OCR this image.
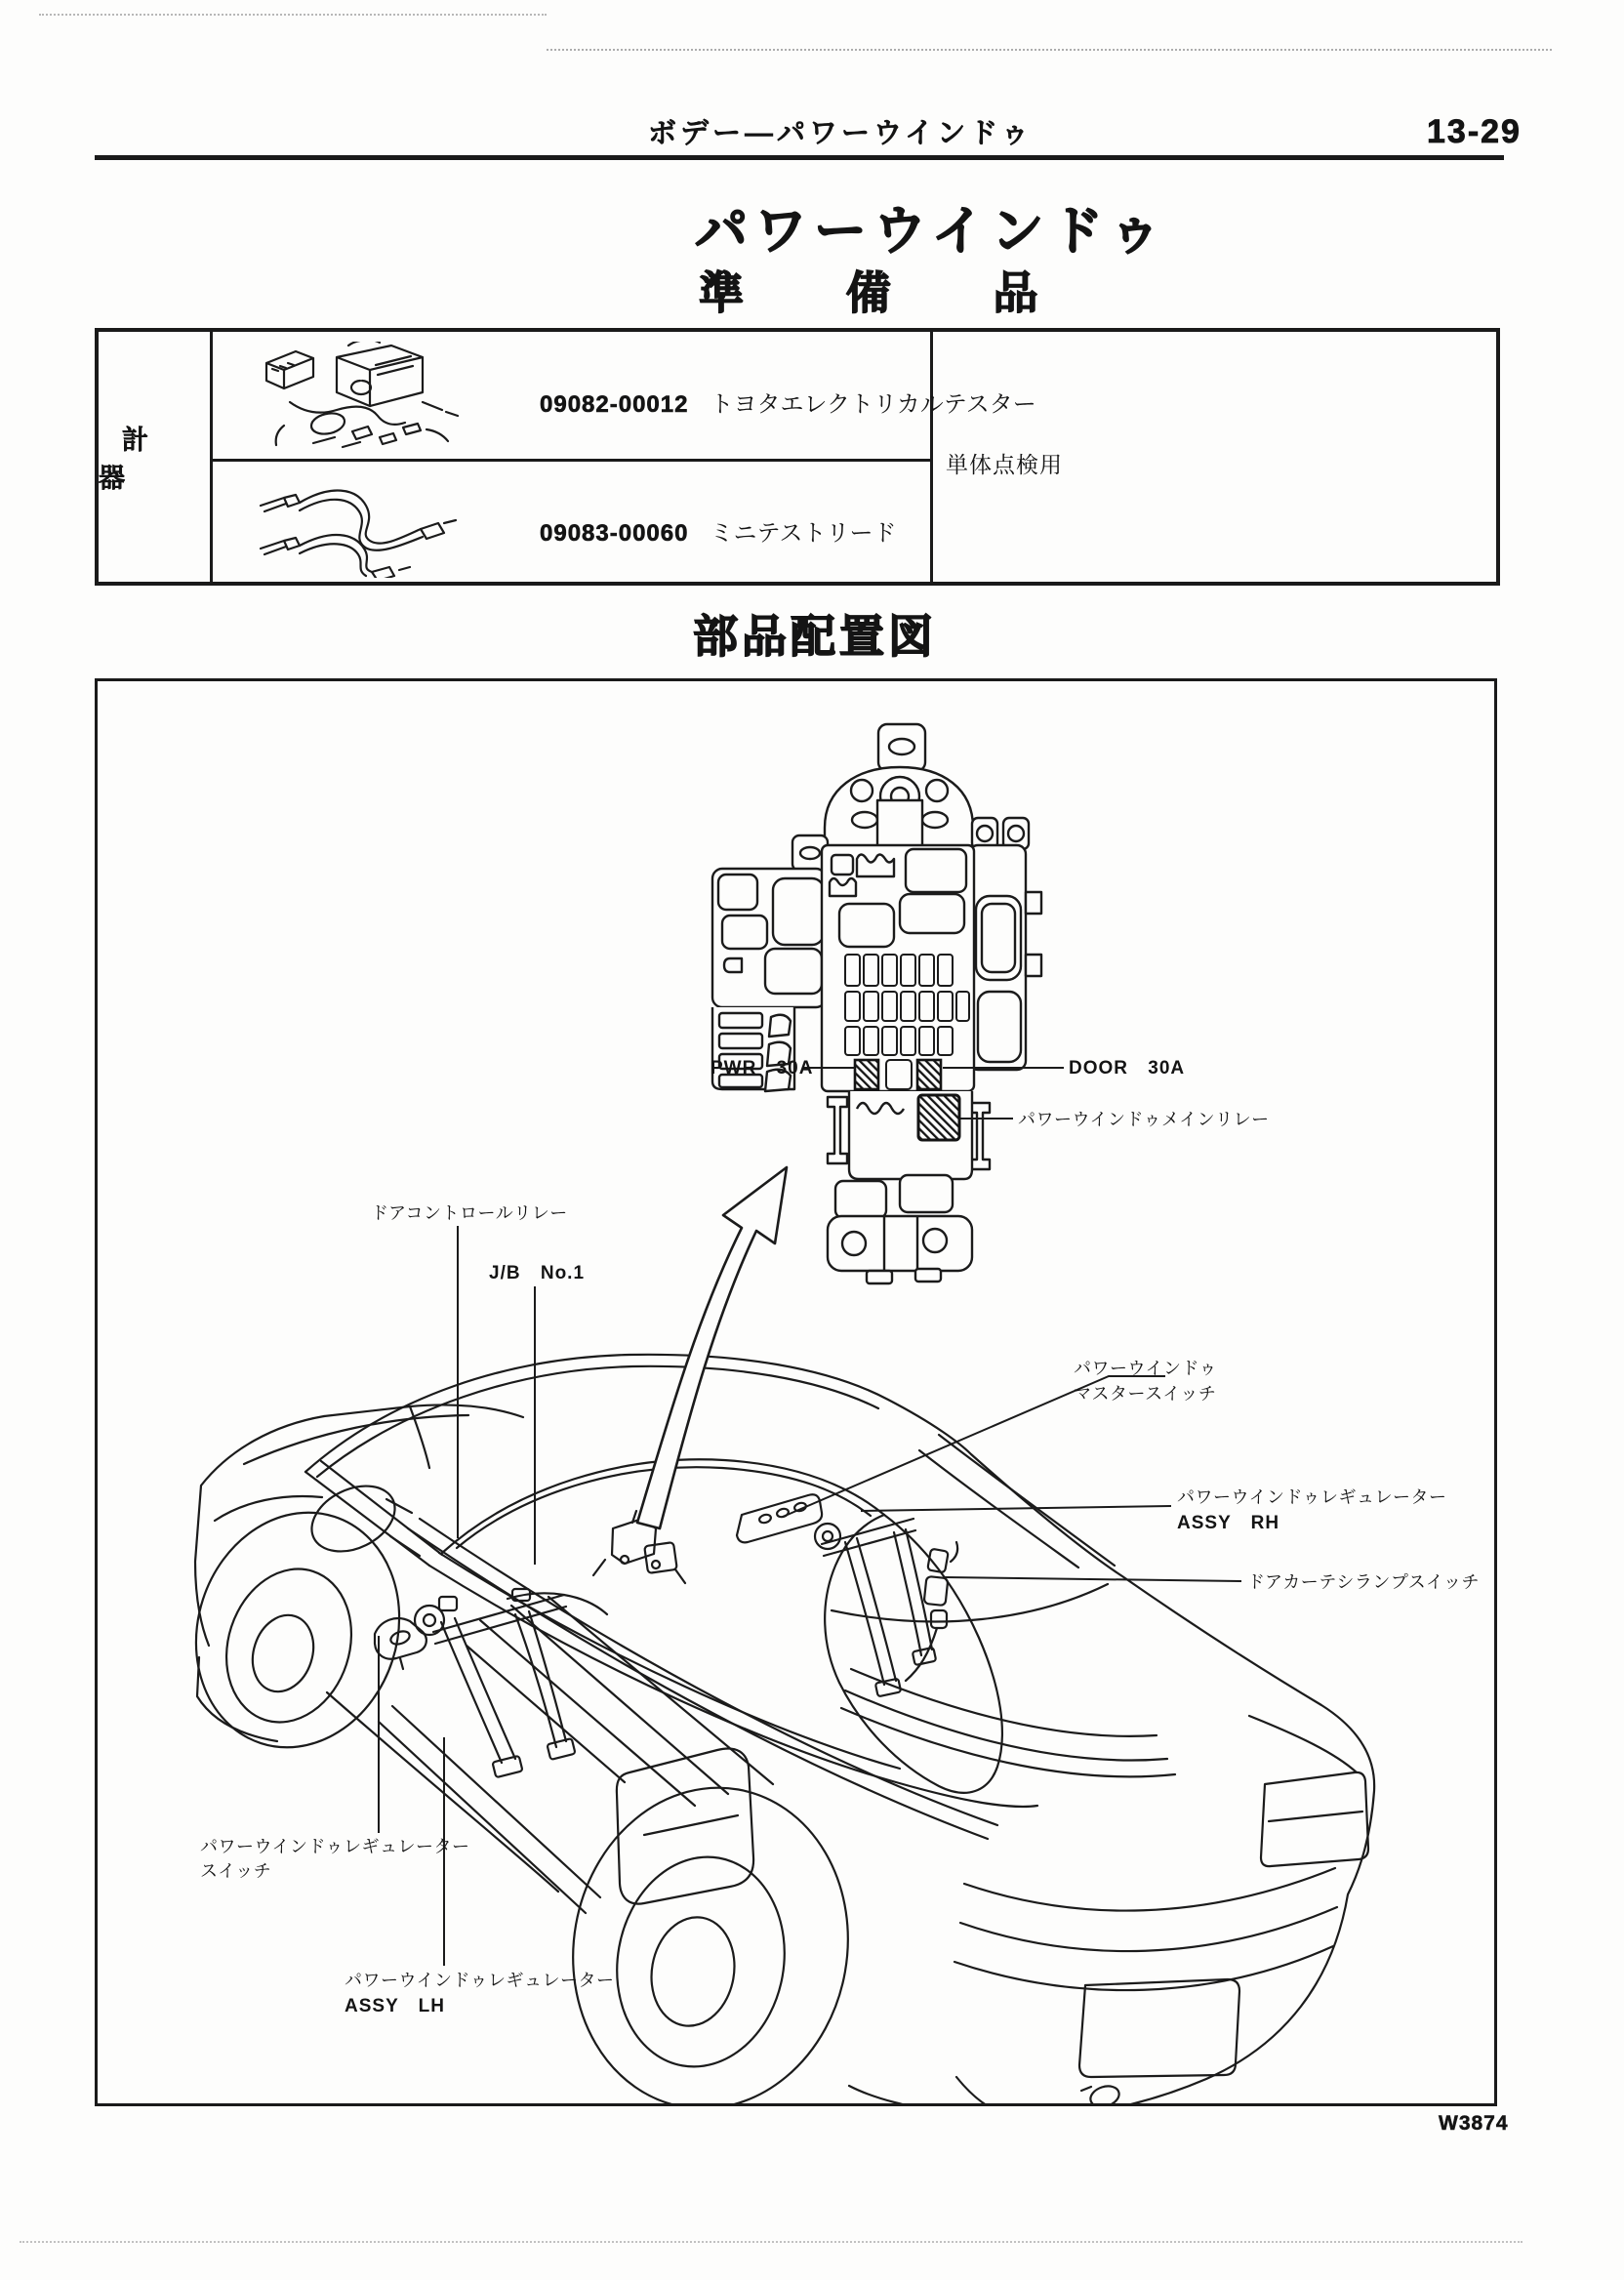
ボデー―パワーウインドゥ	13-29
パワーウインドゥ
準 備 品
計 器
09082-00012 トヨタエレクトリカルテスター
09083-00060 ミニテストリード
単体点検用
部品配置図
PWR 30A	DOOR 30A
パワーウインドゥメインリレー
ドアコントロールリレー
J/B No.1
パワーウインドゥ
マスタースイッチ
パワーウインドゥレギュレーター
ASSY RH
ドアカーテシランプスイッチ
パワーウインドゥレギュレーター
スイッチ
パワーウインドゥレギュレーター
ASSY LH
W3874
